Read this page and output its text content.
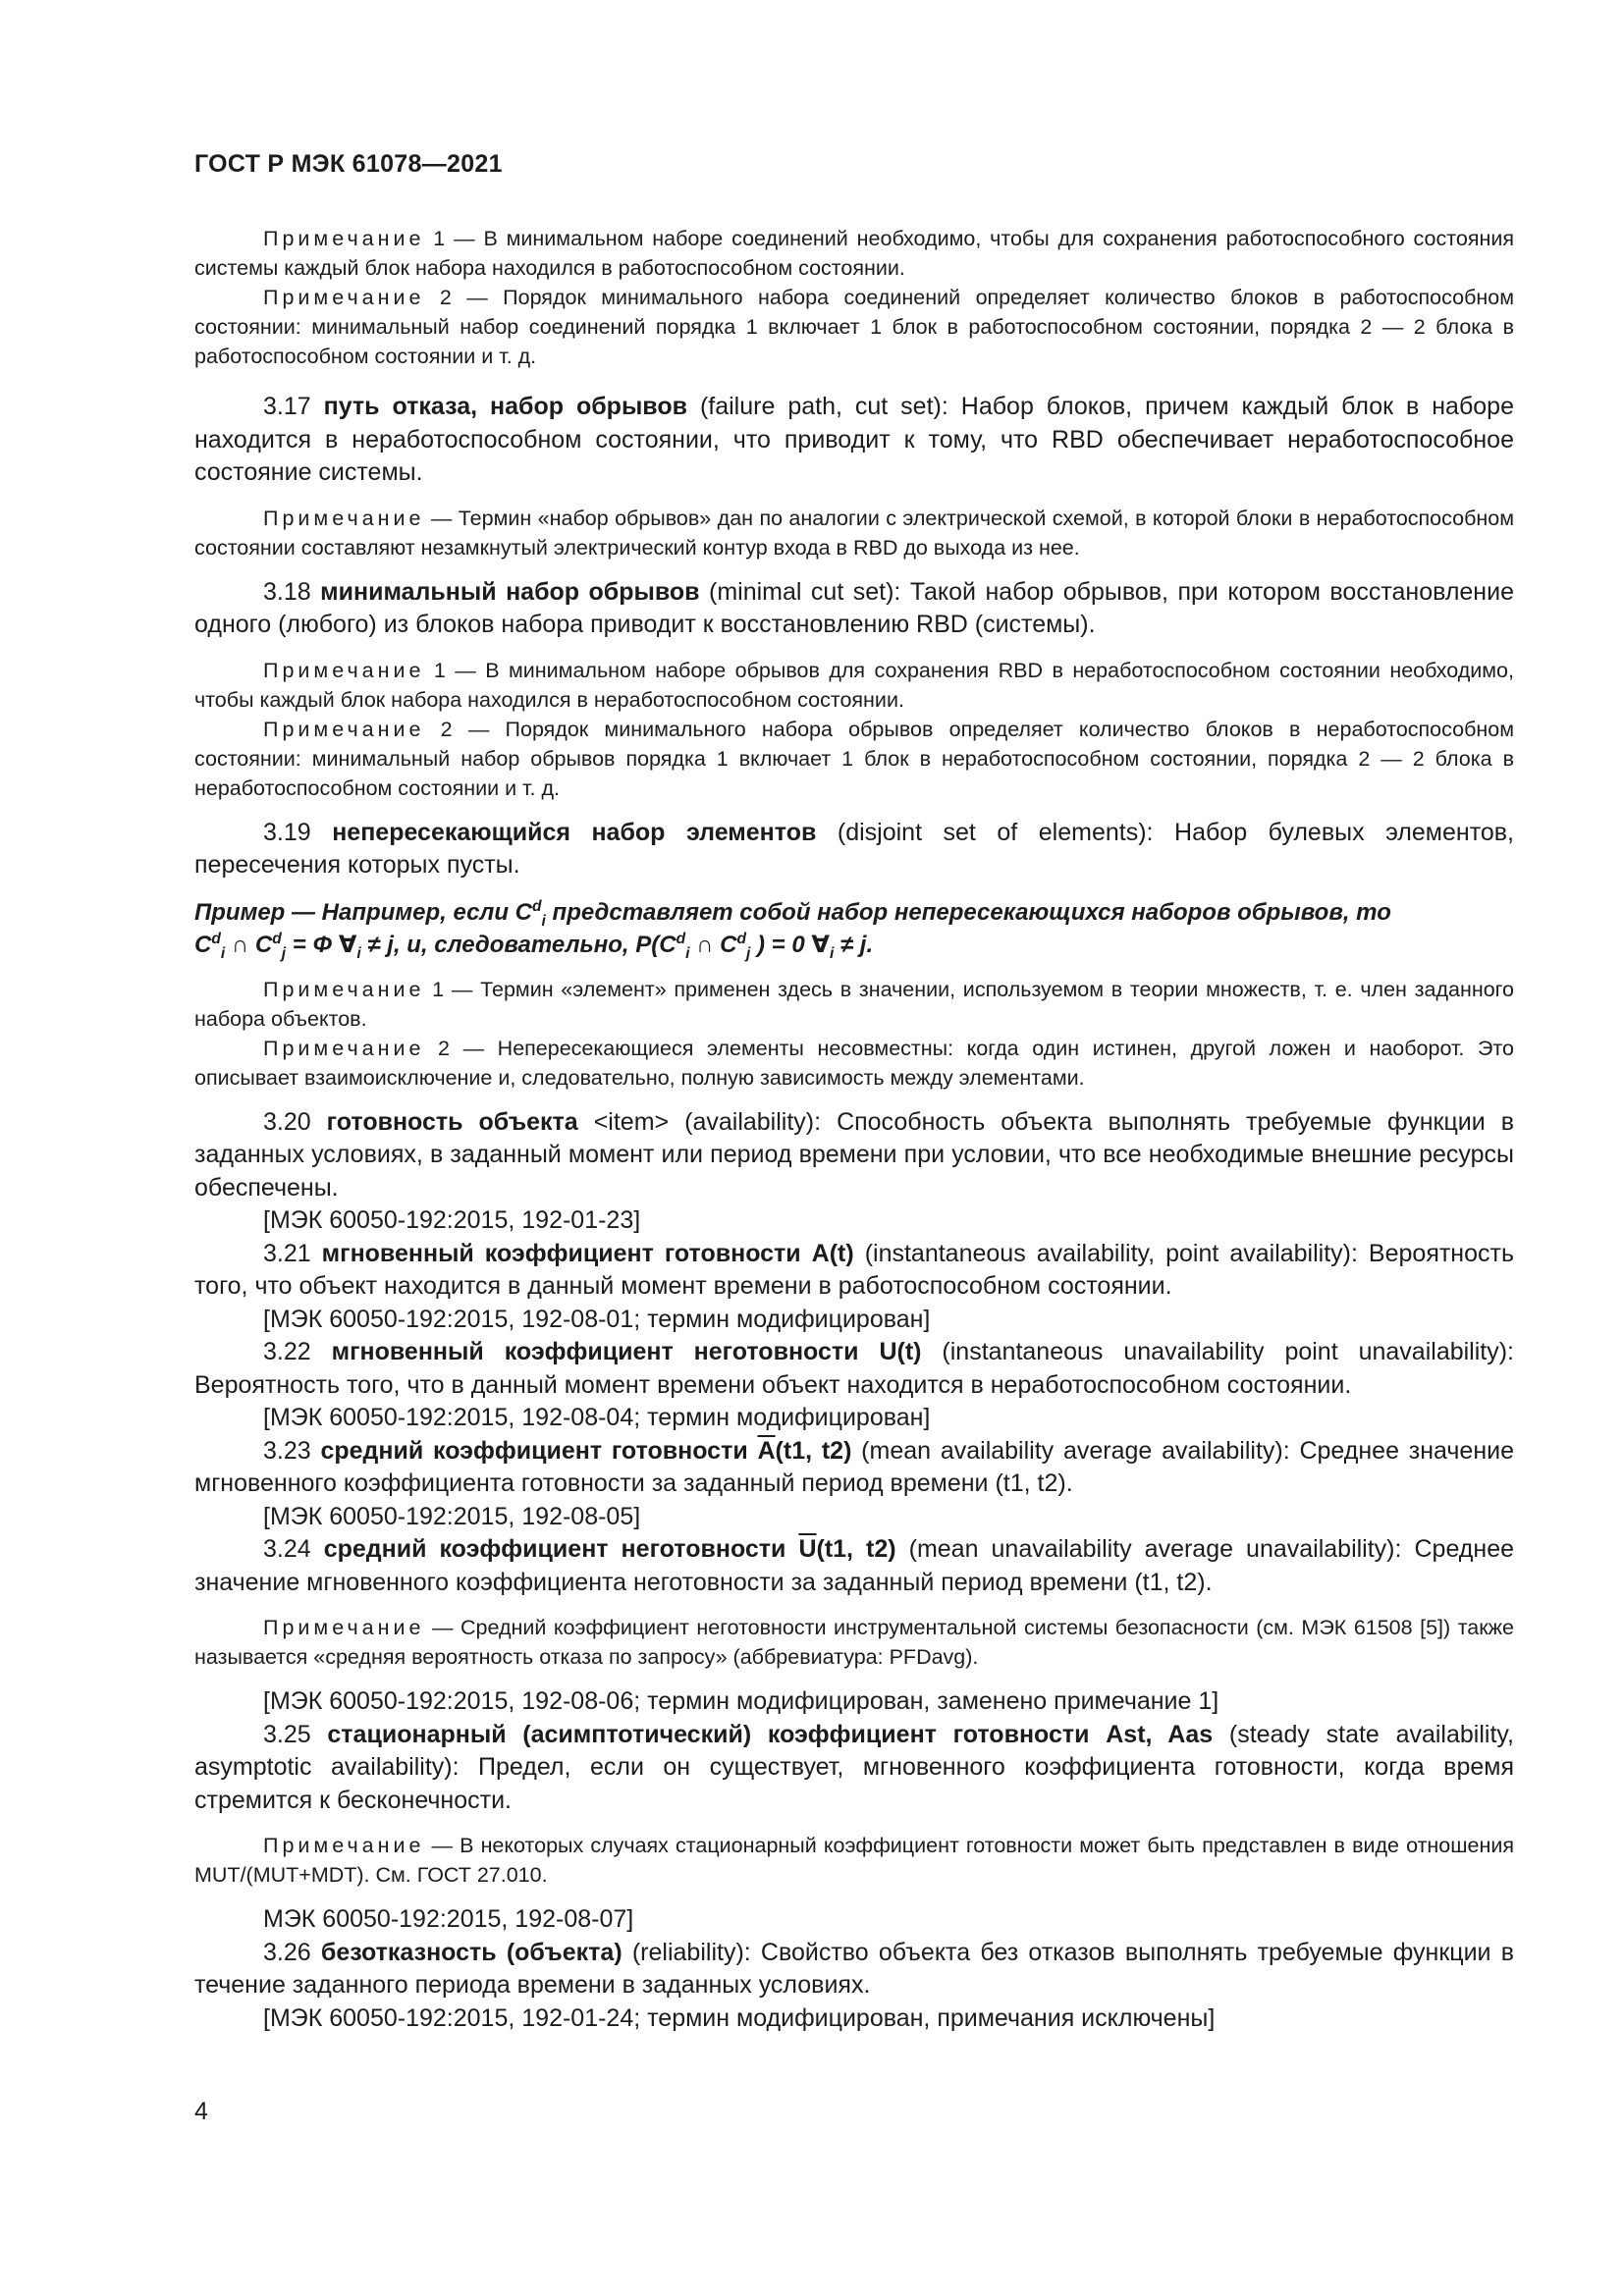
ГОСТ Р МЭК 61078—2021

Примечание 1 — В минимальном наборе соединений необходимо, чтобы для сохранения работоспособного состояния системы каждый блок набора находился в работоспособном состоянии.

Примечание 2 — Порядок минимального набора соединений определяет количество блоков в работоспособном состоянии: минимальный набор соединений порядка 1 включает 1 блок в работоспособном состоянии, порядка 2 — 2 блока в работоспособном состоянии и т. д.

3.17 путь отказа, набор обрывов (failure path, cut set): Набор блоков, причем каждый блок в наборе находится в неработоспособном состоянии, что приводит к тому, что RBD обеспечивает неработоспособное состояние системы.

Примечание — Термин «набор обрывов» дан по аналогии с электрической схемой, в которой блоки в неработоспособном состоянии составляют незамкнутый электрический контур входа в RBD до выхода из нее.

3.18 минимальный набор обрывов (minimal cut set): Такой набор обрывов, при котором восстановление одного (любого) из блоков набора приводит к восстановлению RBD (системы).

Примечание 1 — В минимальном наборе обрывов для сохранения RBD в неработоспособном состоянии необходимо, чтобы каждый блок набора находился в неработоспособном состоянии.

Примечание 2 — Порядок минимального набора обрывов определяет количество блоков в неработоспособном состоянии: минимальный набор обрывов порядка 1 включает 1 блок в неработоспособном состоянии, порядка 2 — 2 блока в неработоспособном состоянии и т. д.

3.19 непересекающийся набор элементов (disjoint set of elements): Набор булевых элементов, пересечения которых пусты.

Пример — Например, если $C^d_i$ представляет собой набор непересекающихся наборов обрывов, то
$C^d_i$ ∩ $C^d_j = \Phi$ $\forall_i \ne j$, и, следовательно, $P(C^d_i$ ∩ $C^d_j$ ) = 0 $\forall_i \ne j$.

Примечание 1 — Термин «элемент» применен здесь в значении, используемом в теории множеств, т. е. член заданного набора объектов.

Примечание 2 — Непересекающиеся элементы несовместны: когда один истинен, другой ложен и наоборот. Это описывает взаимоисключение и, следовательно, полную зависимость между элементами.

3.20 готовность объекта <item> (availability): Способность объекта выполнять требуемые функции в заданных условиях, в заданный момент или период времени при условии, что все необходимые внешние ресурсы обеспечены.

[МЭК 60050-192:2015, 192-01-23]

3.21 мгновенный коэффициент готовности A(t) (instantaneous availability, point availability): Вероятность того, что объект находится в данный момент времени в работоспособном состоянии.

[МЭК 60050-192:2015, 192-08-01; термин модифицирован]

3.22 мгновенный коэффициент неготовности U(t) (instantaneous unavailability point unavailability): Вероятность того, что в данный момент времени объект находится в неработоспособном состоянии.

[МЭК 60050-192:2015, 192-08-04; термин модифицирован]

3.23 средний коэффициент готовности $\overline{A}(t1$, t2) (mean availability average availability): Среднее значение мгновенного коэффициента готовности за заданный период времени (t1, t2).

[МЭК 60050-192:2015, 192-08-05]

3.24 средний коэффициент неготовности $\overline{U}(t1$, t2) (mean unavailability average unavailability): Среднее значение мгновенного коэффициента неготовности за заданный период времени (t1, t2).

Примечание — Средний коэффициент неготовности инструментальной системы безопасности (см. МЭК 61508 [5]) также называется «средняя вероятность отказа по запросу» (аббревиатура: PFDavg).

[МЭК 60050-192:2015, 192-08-06; термин модифицирован, заменено примечание 1]

3.25 стационарный (асимптотический) коэффициент готовности Ast, Aas (steady state availability, asymptotic availability): Предел, если он существует, мгновенного коэффициента готовности, когда время стремится к бесконечности.

Примечание — В некоторых случаях стационарный коэффициент готовности может быть представлен в виде отношения MUT/(MUT+MDT). См. ГОСТ 27.010.

МЭК 60050-192:2015, 192-08-07]

3.26 безотказность (объекта) (reliability): Свойство объекта без отказов выполнять требуемые функции в течение заданного периода времени в заданных условиях.

[МЭК 60050-192:2015, 192-01-24; термин модифицирован, примечания исключены]

4
